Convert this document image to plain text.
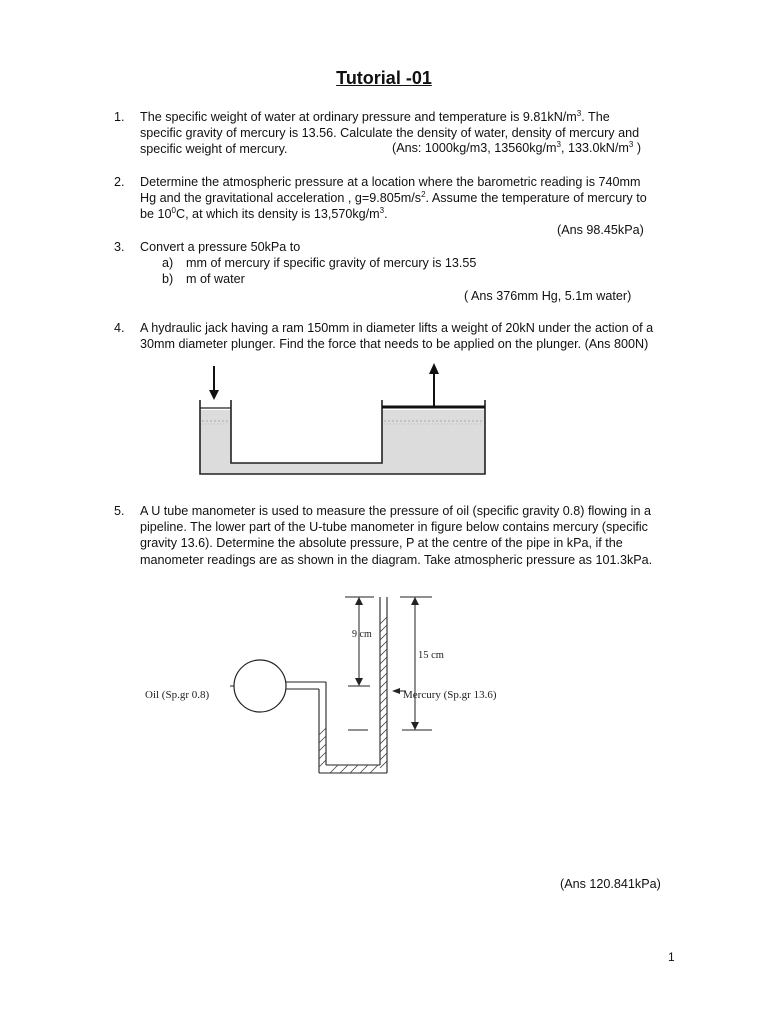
Tutorial -01
1. The specific weight of water at ordinary pressure and temperature is $9.81kN/m^3$. The
specific gravity of mercury is 13.56. Calculate the density of water, density of mercury and
specific weight of mercury.	(Ans: 1000kg/m3, $13560kg/m^3$, $133.0kN/m^3$ )
2. Determine the atmospheric pressure at a location where the barometric reading is 740mm
Hg and the gravitational acceleration , $g=9.805m/s^2$. Assume the temperature of mercury to
be $10^0C$, at which its density is $13,570kg/m^3$.
(Ans 98.45kPa)
3. Convert a pressure 50kPa to
a) mm of mercury if specific gravity of mercury is 13.55
b) m of water
( Ans 376mm Hg, 5.1m water)
4. A hydraulic jack having a ram 150mm in diameter lifts a weight of 20kN under the action of a
30mm diameter plunger. Find the force that needs to be applied on the plunger. (Ans 800N)
5. A U tube manometer is used to measure the pressure of oil (specific gravity 0.8) flowing in a
pipeline. The lower part of the U-tube manometer in figure below contains mercury (specific
gravity 13.6). Determine the absolute pressure, P at the centre of the pipe in kPa, if the
manometer readings are as shown in the diagram. Take atmospheric pressure as 101.3kPa.
Oil (Sp.gr 0.8)
9 cm
15 cm
Mercury (Sp.gr 13.6)
(Ans 120.841kPa)
1
